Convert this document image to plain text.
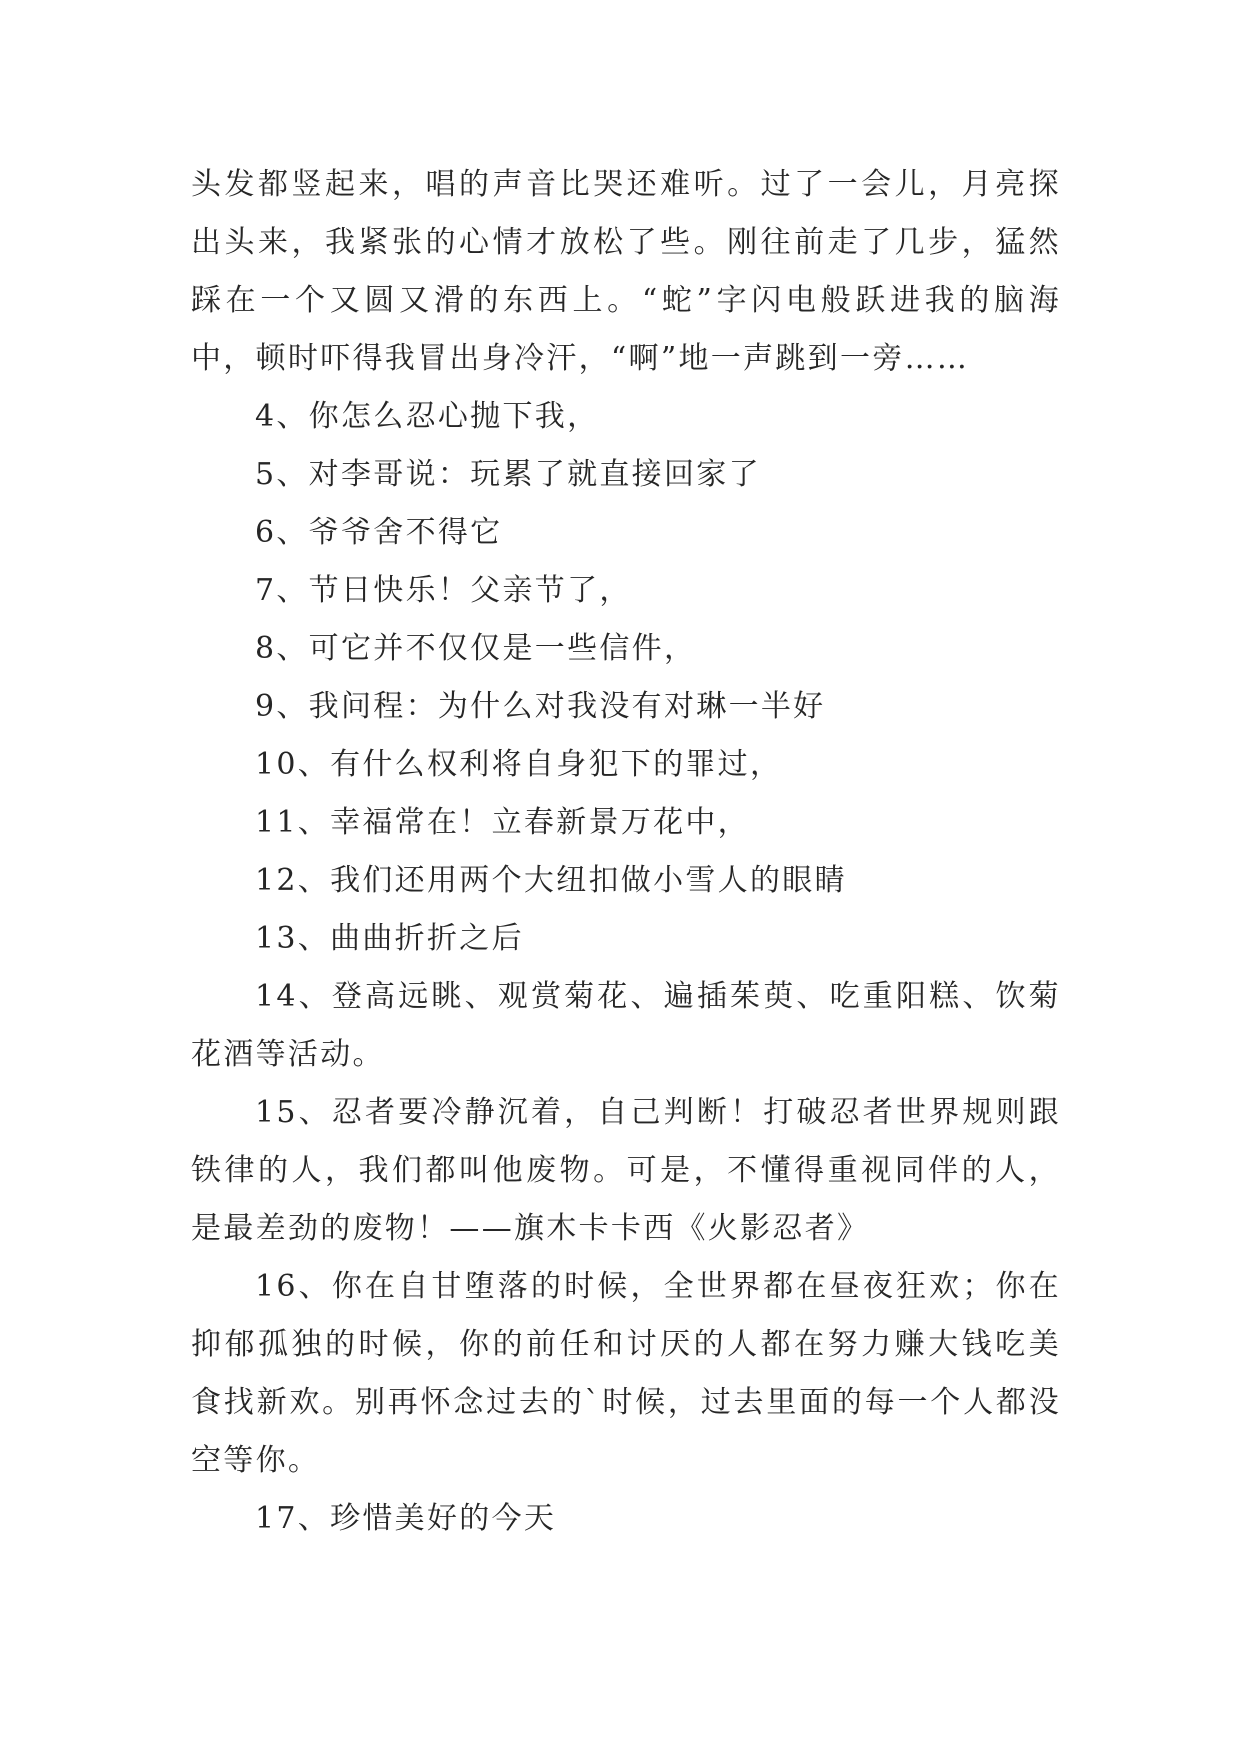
头发都竖起来，唱的声音比哭还难听。过了一会儿，月亮探出头来，我紧张的心情才放松了些。刚往前走了几步，猛然踩在一个又圆又滑的东西上。“蛇”字闪电般跃进我的脑海中，顿时吓得我冒出身冷汗，“啊”地一声跳到一旁……

4、你怎么忍心抛下我，

5、对李哥说：玩累了就直接回家了

6、爷爷舍不得它

7、节日快乐！父亲节了，

8、可它并不仅仅是一些信件，

9、我问程：为什么对我没有对琳一半好

10、有什么权利将自身犯下的罪过，

11、幸福常在！立春新景万花中，

12、我们还用两个大纽扣做小雪人的眼睛

13、曲曲折折之后

14、登高远眺、观赏菊花、遍插茱萸、吃重阳糕、饮菊花酒等活动。

15、忍者要冷静沉着，自己判断！打破忍者世界规则跟铁律的人，我们都叫他废物。可是，不懂得重视同伴的人，是最差劲的废物！——旗木卡卡西《火影忍者》

16、你在自甘堕落的时候，全世界都在昼夜狂欢；你在抑郁孤独的时候，你的前任和讨厌的人都在努力赚大钱吃美食找新欢。别再怀念过去的`时候，过去里面的每一个人都没空等你。

17、珍惜美好的今天
